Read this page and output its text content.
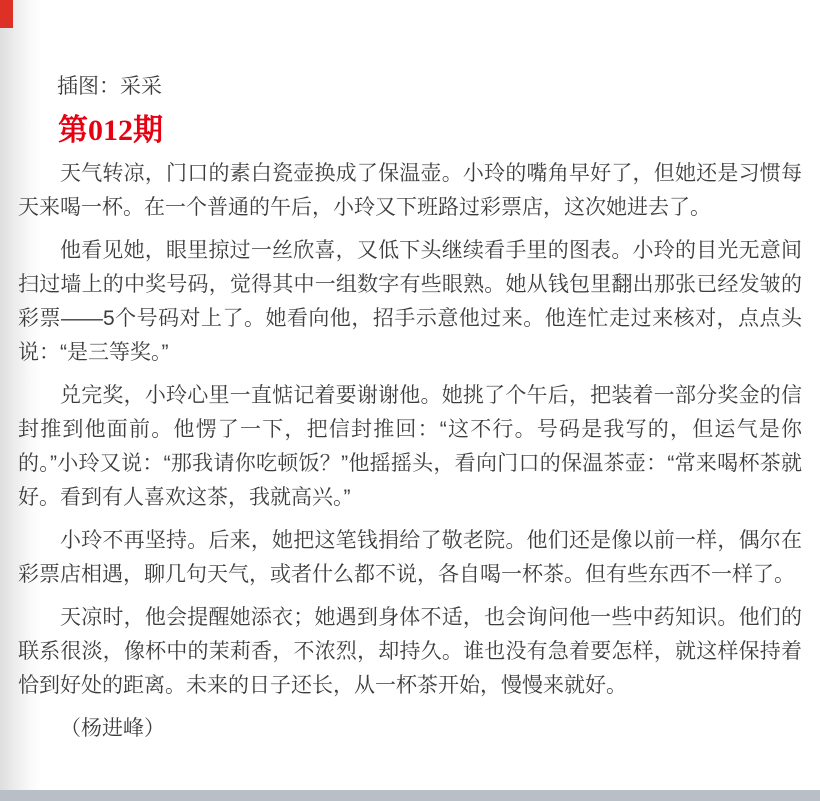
插图：采采

第012期

天气转凉，门口的素白瓷壶换成了保温壶。小玲的嘴角早好了，但她还是习惯每天来喝一杯。在一个普通的午后，小玲又下班路过彩票店，这次她进去了。

他看见她，眼里掠过一丝欣喜，又低下头继续看手里的图表。小玲的目光无意间扫过墙上的中奖号码，觉得其中一组数字有些眼熟。她从钱包里翻出那张已经发皱的彩票——5个号码对上了。她看向他，招手示意他过来。他连忙走过来核对，点点头说：“是三等奖。”

兑完奖，小玲心里一直惦记着要谢谢他。她挑了个午后，把装着一部分奖金的信封推到他面前。他愣了一下，把信封推回：“这不行。号码是我写的，但运气是你的。”小玲又说：“那我请你吃顿饭？”他摇摇头，看向门口的保温茶壶：“常来喝杯茶就好。看到有人喜欢这茶，我就高兴。”

小玲不再坚持。后来，她把这笔钱捐给了敬老院。他们还是像以前一样，偶尔在彩票店相遇，聊几句天气，或者什么都不说，各自喝一杯茶。但有些东西不一样了。

天凉时，他会提醒她添衣；她遇到身体不适，也会询问他一些中药知识。他们的联系很淡，像杯中的茉莉香，不浓烈，却持久。谁也没有急着要怎样，就这样保持着恰到好处的距离。未来的日子还长，从一杯茶开始，慢慢来就好。

（杨进峰）
